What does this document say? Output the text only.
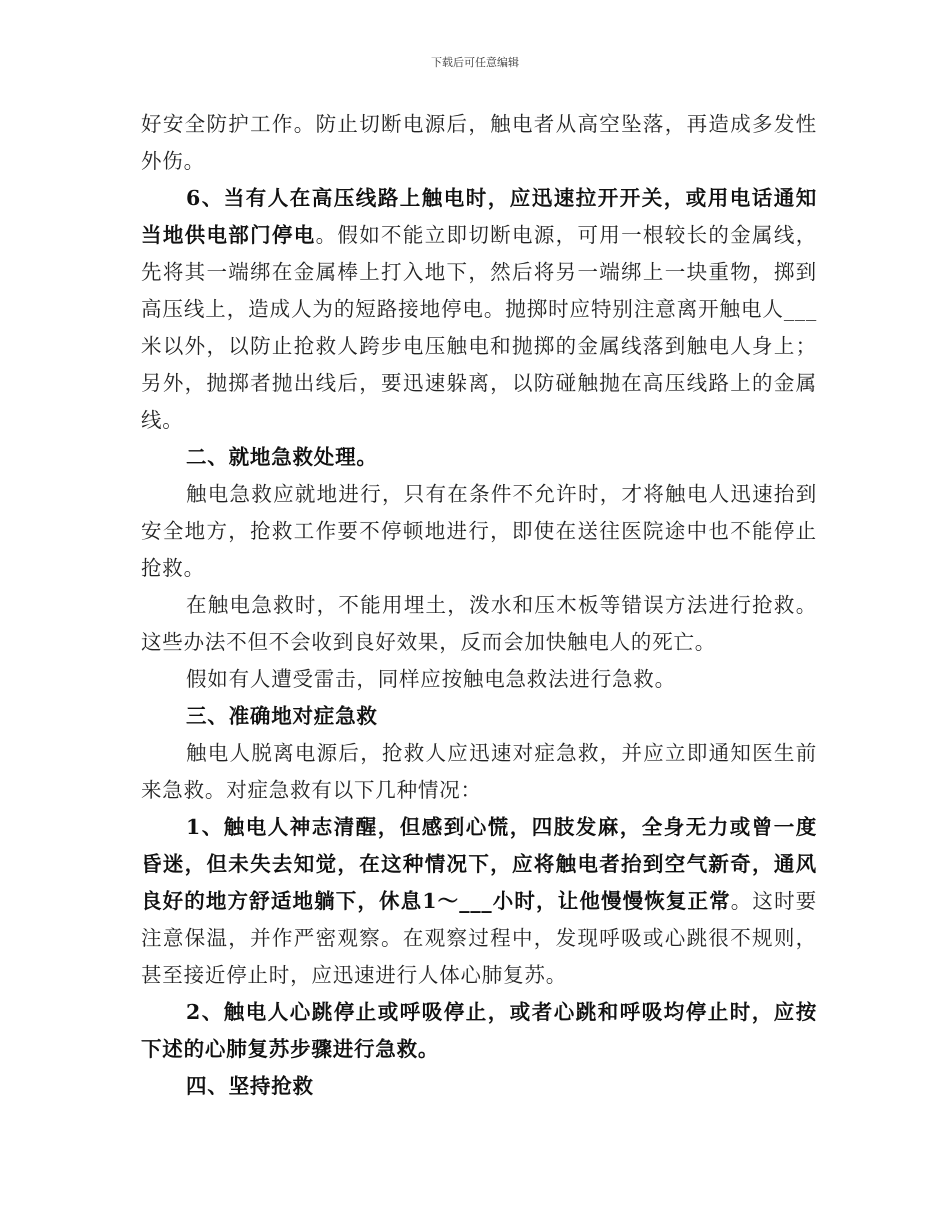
下载后可任意编辑

好安全防护工作。防止切断电源后，触电者从高空坠落，再造成多发性外伤。

6、当有人在高压线路上触电时，应迅速拉开开关，或用电话通知当地供电部门停电。假如不能立即切断电源，可用一根较长的金属线，先将其一端绑在金属棒上打入地下，然后将另一端绑上一块重物，掷到高压线上，造成人为的短路接地停电。抛掷时应特别注意离开触电人___米以外，以防止抢救人跨步电压触电和抛掷的金属线落到触电人身上；另外，抛掷者抛出线后，要迅速躲离，以防碰触抛在高压线路上的金属线。

二、就地急救处理。

触电急救应就地进行，只有在条件不允许时，才将触电人迅速抬到安全地方，抢救工作要不停顿地进行，即使在送往医院途中也不能停止抢救。

在触电急救时，不能用埋土，泼水和压木板等错误方法进行抢救。这些办法不但不会收到良好效果，反而会加快触电人的死亡。

假如有人遭受雷击，同样应按触电急救法进行急救。

三、准确地对症急救

触电人脱离电源后，抢救人应迅速对症急救，并应立即通知医生前来急救。对症急救有以下几种情况：

1、触电人神志清醒，但感到心慌，四肢发麻，全身无力或曾一度昏迷，但未失去知觉，在这种情况下，应将触电者抬到空气新奇，通风良好的地方舒适地躺下，休息1～___小时，让他慢慢恢复正常。这时要注意保温，并作严密观察。在观察过程中，发现呼吸或心跳很不规则，甚至接近停止时，应迅速进行人体心肺复苏。

2、触电人心跳停止或呼吸停止，或者心跳和呼吸均停止时，应按下述的心肺复苏步骤进行急救。

四、坚持抢救
